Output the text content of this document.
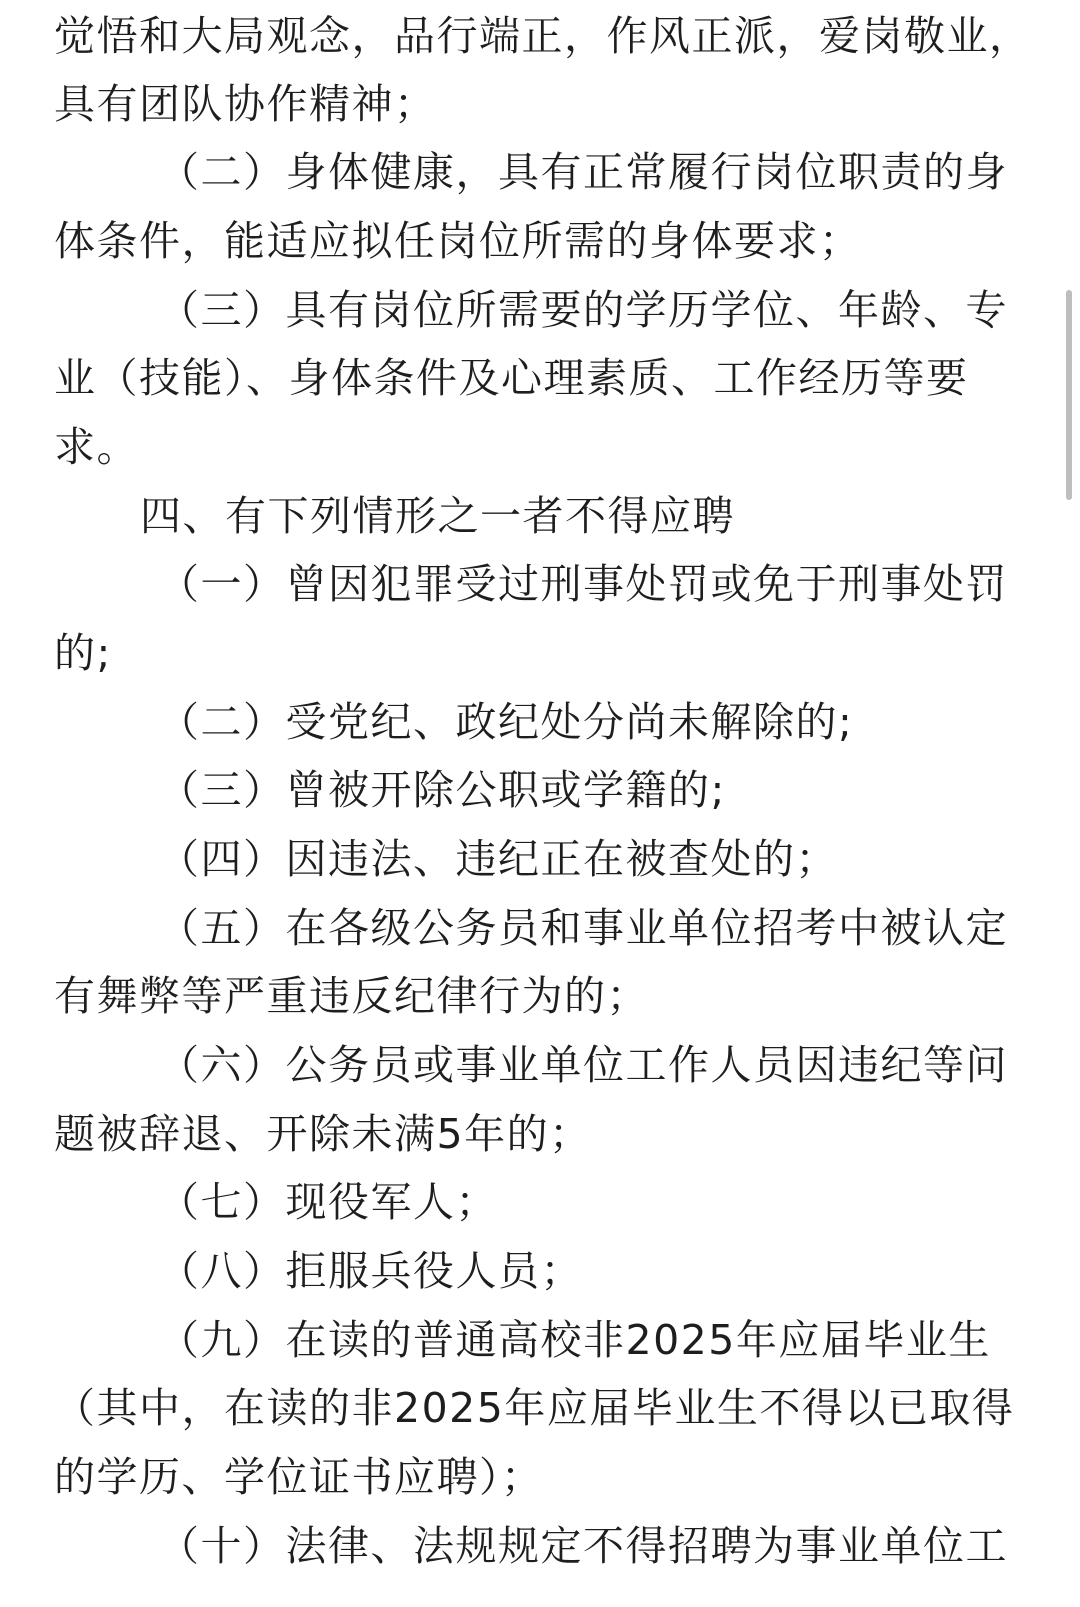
觉悟和大局观念，品行端正，作风正派，爱岗敬业，
具有团队协作精神；
（二）身体健康，具有正常履行岗位职责的身
体条件，能适应拟任岗位所需的身体要求；
（三）具有岗位所需要的学历学位、年龄、专
业（技能）、身体条件及心理素质、工作经历等要
求。
四、有下列情形之一者不得应聘
（一）曾因犯罪受过刑事处罚或免于刑事处罚
的;
（二）受党纪、政纪处分尚未解除的;
（三）曾被开除公职或学籍的;
（四）因违法、违纪正在被查处的；
（五）在各级公务员和事业单位招考中被认定
有舞弊等严重违反纪律行为的；
（六）公务员或事业单位工作人员因违纪等问
题被辞退、开除未满5年的；
（七）现役军人；
（八）拒服兵役人员；
（九）在读的普通高校非2025年应届毕业生
（其中，在读的非2025年应届毕业生不得以已取得
的学历、学位证书应聘）；
（十）法律、法规规定不得招聘为事业单位工
